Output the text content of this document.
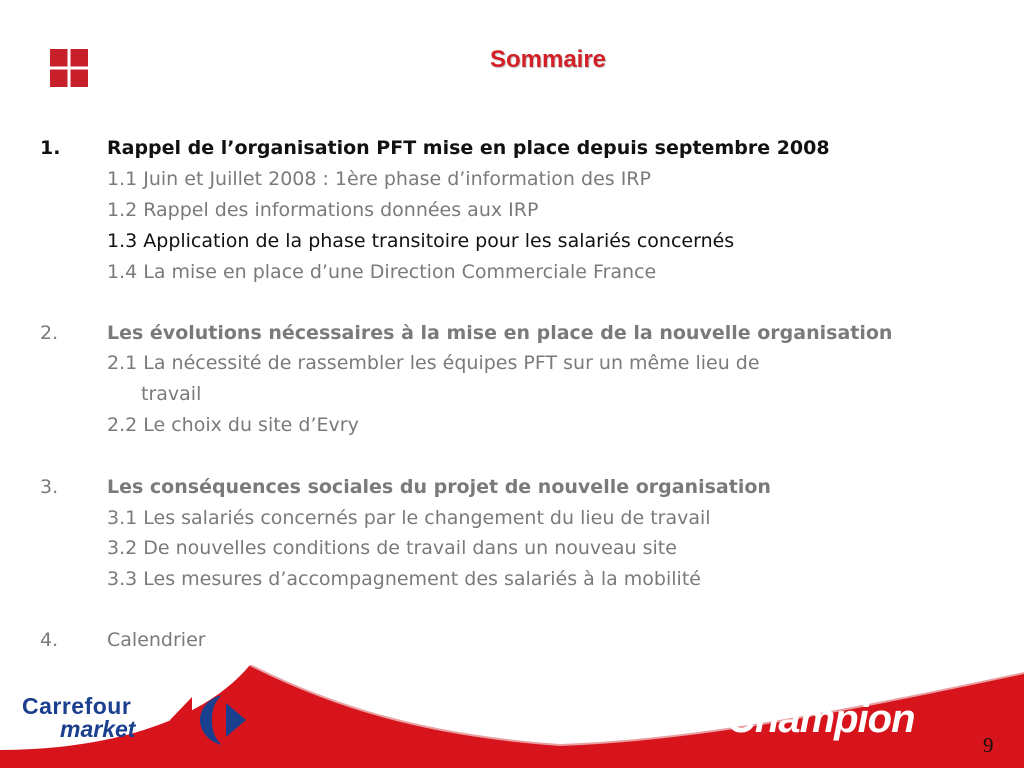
Sommaire
1. Rappel de l’organisation PFT mise en place depuis septembre 2008
1.1 Juin et Juillet 2008 : 1ère phase d’information des IRP
1.2 Rappel des informations données aux IRP
1.3 Application de la phase transitoire pour les salariés concernés
1.4 La mise en place d’une Direction Commerciale France
2.	Les évolutions nécessaires à la mise en place de la nouvelle organisation
2.1 La nécessité de rassembler les équipes PFT sur un même lieu de
travail
2.2 Le choix du site d’Evry
3.	Les conséquences sociales du projet de nouvelle organisation
3.1 Les salariés concernés par le changement du lieu de travail
3.2 De nouvelles conditions de travail dans un nouveau site
3.3 Les mesures d’accompagnement des salariés à la mobilité
4.	Calendrier
Carrefour
market	Champion
9
